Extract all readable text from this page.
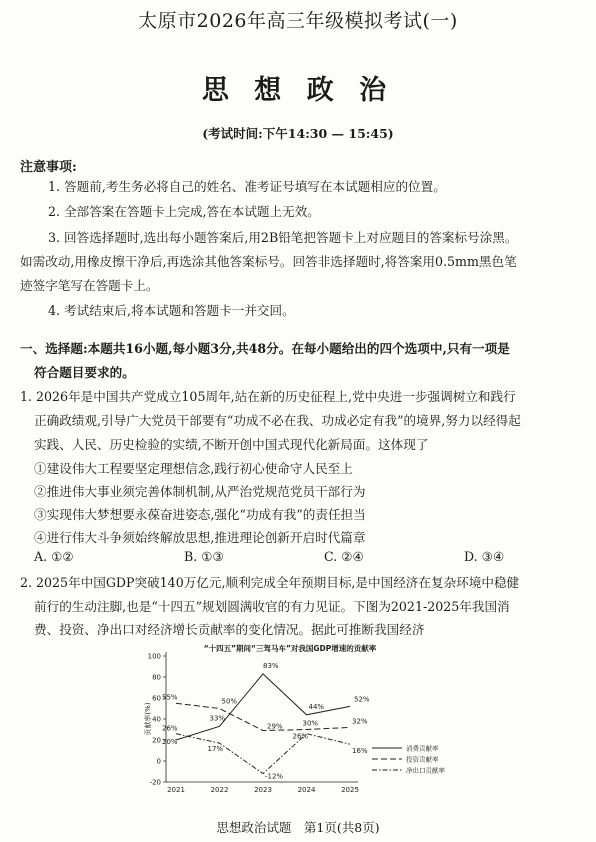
太原市2026年高三年级模拟考试(一)
思 想 政 治
(考试时间:下午14:30 — 15:45)
注意事项:
1. 答题前,考生务必将自己的姓名、准考证号填写在本试题相应的位置。
2. 全部答案在答题卡上完成,答在本试题上无效。
3. 回答选择题时,选出每小题答案后,用2B铅笔把答题卡上对应题目的答案标号涂黑。
如需改动,用橡皮擦干净后,再选涂其他答案标号。回答非选择题时,将答案用0.5mm黑色笔
迹签字笔写在答题卡上。
4. 考试结束后,将本试题和答题卡一并交回。
一、选择题:本题共16小题,每小题3分,共48分。在每小题给出的四个选项中,只有一项是
符合题目要求的。
1. 2026年是中国共产党成立105周年,站在新的历史征程上,党中央进一步强调树立和践行
正确政绩观,引导广大党员干部要有“功成不必在我、功成必定有我”的境界,努力以经得起
实践、人民、历史检验的实绩,不断开创中国式现代化新局面。这体现了
①建设伟大工程要坚定理想信念,践行初心使命守人民至上
②推进伟大事业须完善体制机制,从严治党规范党员干部行为
③实现伟大梦想要永葆奋进姿态,强化“功成有我”的责任担当
④进行伟大斗争须始终解放思想,推进理论创新开启时代篇章
A. ①②	B. ①③	C. ②④	D. ③④
2. 2025年中国GDP突破140万亿元,顺利完成全年预期目标,是中国经济在复杂环境中稳健
前行的生动注脚,也是“十四五”规划圆满收官的有力见证。下图为2021-2025年我国消
费、投资、净出口对经济增长贡献率的变化情况。据此可推断我国经济
“十四五”期间“三驾马车”对我国GDP增速的贡献率
贡献率(%)
-20
0
20
40
60
80
100
2021	2022	2023	2024	2025
20%
33%
83%
44%
52%
55%
50%
29%	30%	32%
26%
17%
-12%
26%
16%	消费贡献率
投资贡献率
净出口贡献率
思想政治试题　第1页(共8页)
